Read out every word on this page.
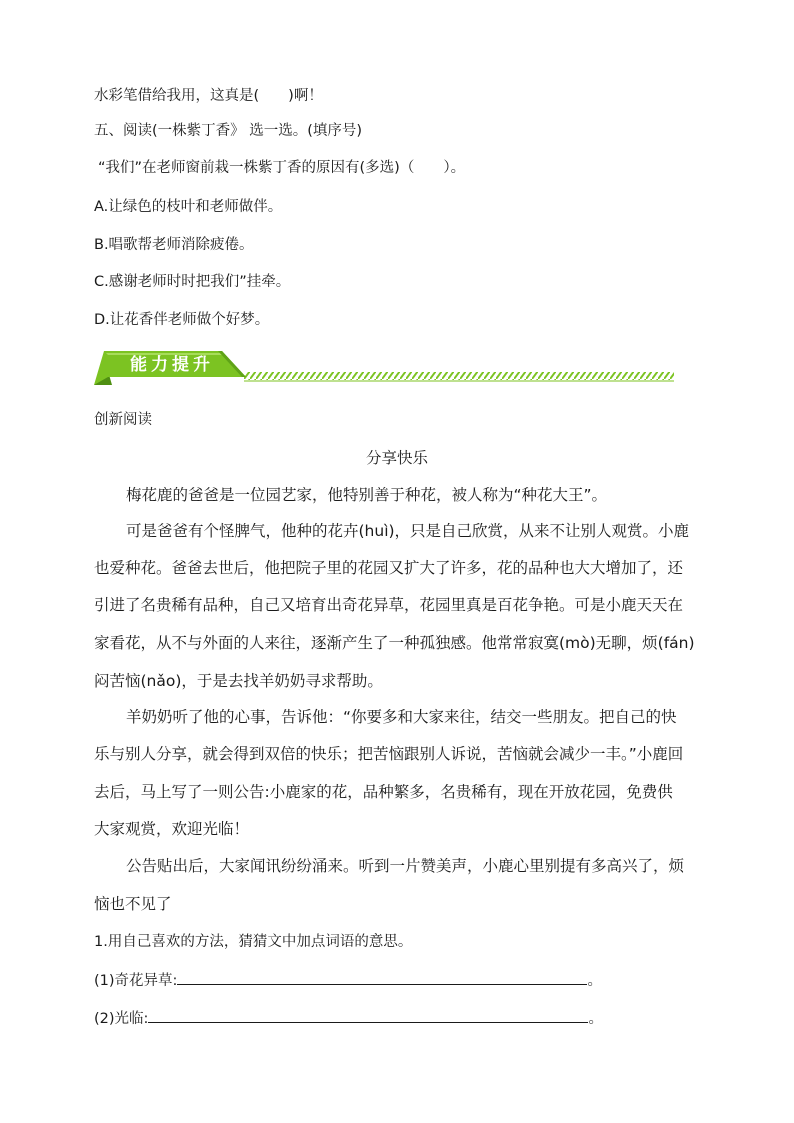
水彩笔借给我用，这真是(　　)啊！
五、阅读(一株紫丁香》 选一选。(填序号)
“我们”在老师窗前栽一株紫丁香的原因有(多选)（　　）。
A.让绿色的枝叶和老师做伴。
B.唱歌帮老师消除疲倦。
C.感谢老师时时把我们”挂牵。
D.让花香伴老师做个好梦。
能力提升
创新阅读
分享快乐
梅花鹿的爸爸是一位园艺家，他特别善于种花，被人称为“种花大王”。
可是爸爸有个怪脾气，他种的花卉(huì)，只是自己欣赏，从来不让别人观赏。小鹿
也爱种花。爸爸去世后，他把院子里的花园又扩大了许多，花的品种也大大增加了，还
引进了名贵稀有品种，自己又培育出奇花异草，花园里真是百花争艳。可是小鹿天天在
家看花，从不与外面的人来往，逐渐产生了一种孤独感。他常常寂寞(mò)无聊，烦(fán)
闷苦恼(nǎo)，于是去找羊奶奶寻求帮助。
羊奶奶听了他的心事，告诉他：“你要多和大家来往，结交一些朋友。把自己的快
乐与别人分享，就会得到双倍的快乐；把苦恼跟别人诉说，苦恼就会减少一丰。”小鹿回
去后，马上写了一则公告:小鹿家的花，品种繁多，名贵稀有，现在开放花园，免费供
大家观赏，欢迎光临！
公告贴出后，大家闻讯纷纷涌来。听到一片赞美声，小鹿心里别提有多高兴了，烦
恼也不见了
1.用自己喜欢的方法，猜猜文中加点词语的意思。
(1)奇花异草:	。
(2)光临:	。
